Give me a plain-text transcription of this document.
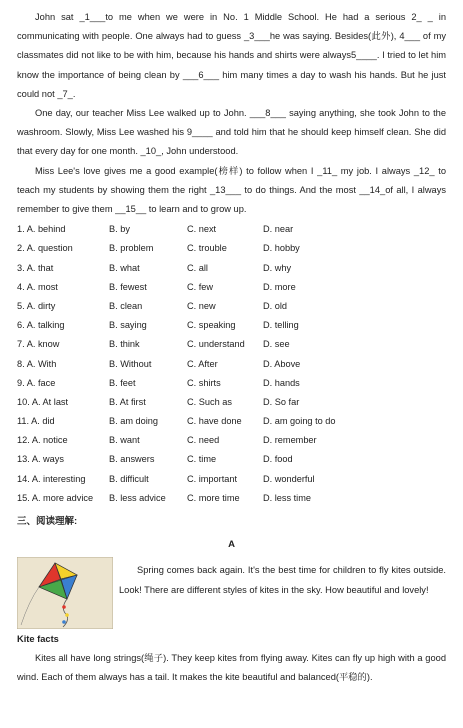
John sat _1___to me when we were in No. 1 Middle School. He had a serious 2_ _ in communicating with people. One always had to guess _3___he was saying. Besides(此外), 4___ of my classmates did not like to be with him, because his hands and shirts were always5____. I tried to let him know the importance of being clean by ___6___ him many times a day to wash his hands. But he just could not _7_.

One day, our teacher Miss Lee walked up to John. ___8___ saying anything, she took John to the washroom. Slowly, Miss Lee washed his 9____ and told him that he should keep himself clean. She did that every day for one month. _10_, John understood.

Miss Lee's love gives me a good example(榜样) to follow when I _11_ my job. I always _12_ to teach my students by showing them the right _13___ to do things. And the most __14_of all, I always remember to give them __15__ to learn and to grow up.

1. A. behind	B. by	C. next	D. near
2. A. question	B. problem	C. trouble	D. hobby
3. A. that	B. what	C. all	D. why
4. A. most	B. fewest	C. few	D. more
5. A. dirty	B. clean	C. new	D. old
6. A. talking	B. saying	C. speaking	D. telling
7. A. know	B. think	C. understand	D. see
8. A. With	B. Without	C. After	D. Above
9. A. face	B. feet	C. shirts	D. hands
10. A. At last	B. At first	C. Such as	D. So far
11. A. did	B. am doing	C. have done	D. am going to do
12. A. notice	B. want	C. need	D. remember
13. A. ways	B. answers	C. time	D. food
14. A. interesting	B. difficult	C. important	D. wonderful
15. A. more advice	B. less advice	C. more time	D. less time
三、阅读理解:
A
Spring comes back again. It's the best time for children to fly kites outside. Look! There are different styles of kites in the sky. How beautiful and lovely!
Kite facts

Kites all have long strings(绳子). They keep kites from flying away. Kites can fly up high with a good wind. Each of them always has a tail. It makes the kite beautiful and balanced(平稳的).
